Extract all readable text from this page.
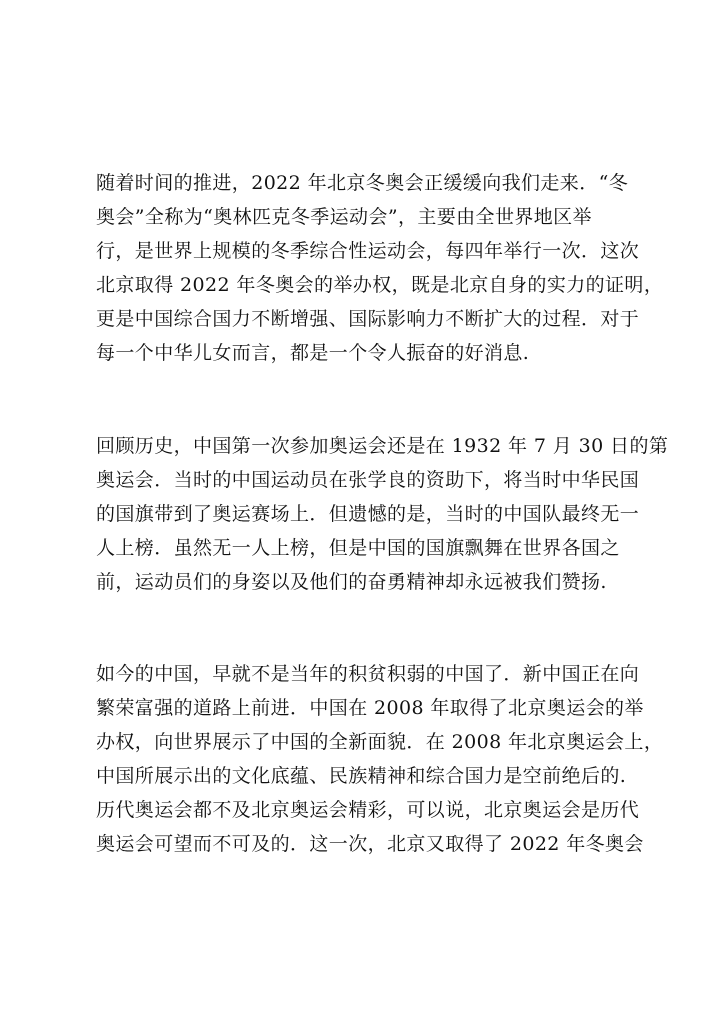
随着时间的推进，2022 年北京冬奥会正缓缓向我们走来．“冬
奥会”全称为“奥林匹克冬季运动会”，主要由全世界地区举
行，是世界上规模的冬季综合性运动会，每四年举行一次．这次
北京取得 2022 年冬奥会的举办权，既是北京自身的实力的证明，
更是中国综合国力不断增强、国际影响力不断扩大的过程．对于
每一个中华儿女而言，都是一个令人振奋的好消息.
回顾历史，中国第一次参加奥运会还是在 1932 年 7 月 30 日的第
奥运会．当时的中国运动员在张学良的资助下，将当时中华民国
的国旗带到了奥运赛场上．但遗憾的是，当时的中国队最终无一
人上榜．虽然无一人上榜，但是中国的国旗飘舞在世界各国之
前，运动员们的身姿以及他们的奋勇精神却永远被我们赞扬.
如今的中国，早就不是当年的积贫积弱的中国了．新中国正在向
繁荣富强的道路上前进．中国在 2008 年取得了北京奥运会的举
办权，向世界展示了中国的全新面貌．在 2008 年北京奥运会上，
中国所展示出的文化底蕴、民族精神和综合国力是空前绝后的.
历代奥运会都不及北京奥运会精彩，可以说，北京奥运会是历代
奥运会可望而不可及的．这一次，北京又取得了 2022 年冬奥会
